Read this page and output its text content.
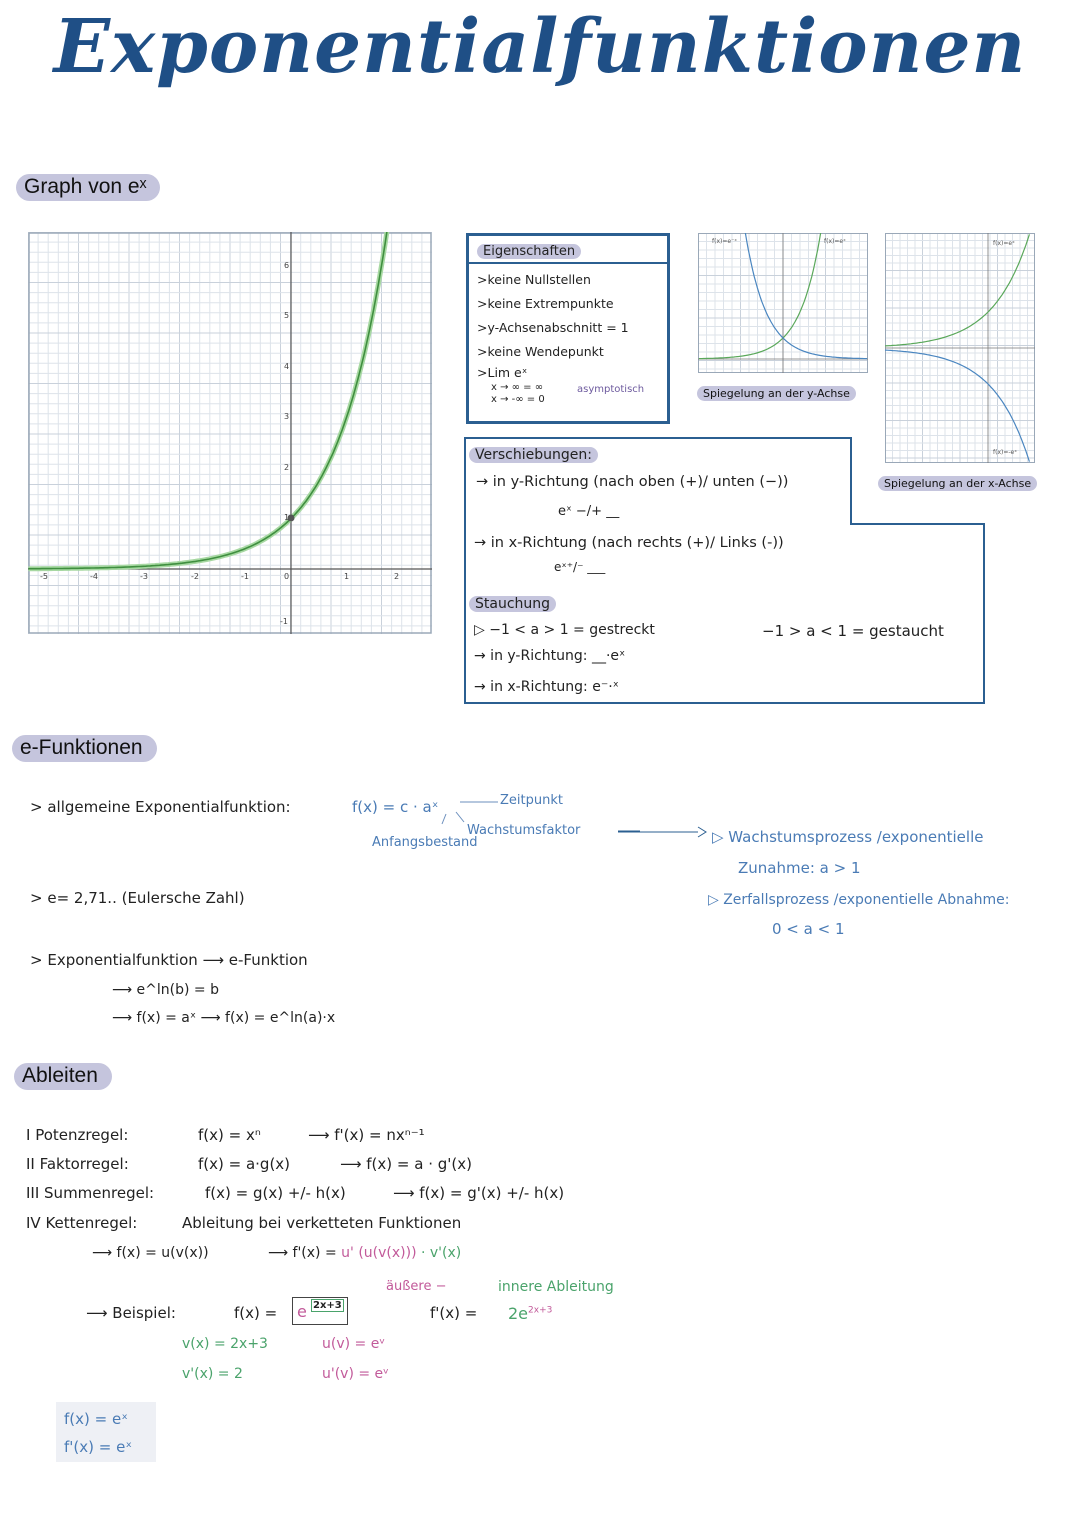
Exponentialfunktionen
Graph von eˣ
-5	-4	-3	-2	-1	0	1	2
6
5
4
3
2
1
-1
Eigenschaften
>keine Nullstellen
>keine Extrempunkte
>y-Achsenabschnitt = 1
>keine Wendepunkt
>Lim eˣ
x → ∞ = ∞
x → -∞ = 0
asymptotisch
f(x)=e⁻ˣ	f(x)=eˣ
Spiegelung an der y-Achse
f(x)=eˣ
f(x)=-eˣ
Spiegelung an der x-Achse
Verschiebungen:
→ in y-Richtung (nach oben (+)/ unten (−))
eˣ −/+ __
→ in x-Richtung (nach rechts (+)/ Links (-))
eˣ⁺/⁻ ___
Stauchung
▷ −1 < a > 1 = gestreckt	−1 > a < 1 = gestaucht
→ in y-Richtung: __·eˣ
→ in x-Richtung: e⁻·ˣ
e-Funktionen
> allgemeine Exponentialfunktion:	f(x) = c · aˣ	Zeitpunkt
Wachstumsfaktor
Anfangsbestand	▷ Wachstumsprozess /exponentielle
Zunahme: a > 1
▷ Zerfallsprozess /exponentielle Abnahme:
0 < a < 1
> e= 2,71.. (Eulersche Zahl)
> Exponentialfunktion ⟶ e-Funktion
⟶ e^ln(b) = b
⟶ f(x) = aˣ ⟶ f(x) = e^ln(a)·x
Ableiten
I Potenzregel:	f(x) = xⁿ	⟶ f'(x) = nxⁿ⁻¹
II Faktorregel:	f(x) = a·g(x)	⟶ f(x) = a · g'(x)
III Summenregel:	f(x) = g(x) +/- h(x)	⟶ f(x) = g'(x) +/- h(x)
IV Kettenregel:	Ableitung bei verketteten Funktionen
⟶ f(x) = u(v(x))	⟶ f'(x) = u' (u(v(x))) · v'(x)
äußere −	innere Ableitung
⟶ Beispiel:	f(x) = e 2x+3	$f'(x) = 2e^{2x+3}$
v(x) = 2x+3
v'(x) = 2
u(v) = eᵛ
u'(v) = eᵛ
f(x) = eˣ
f'(x) = eˣ
